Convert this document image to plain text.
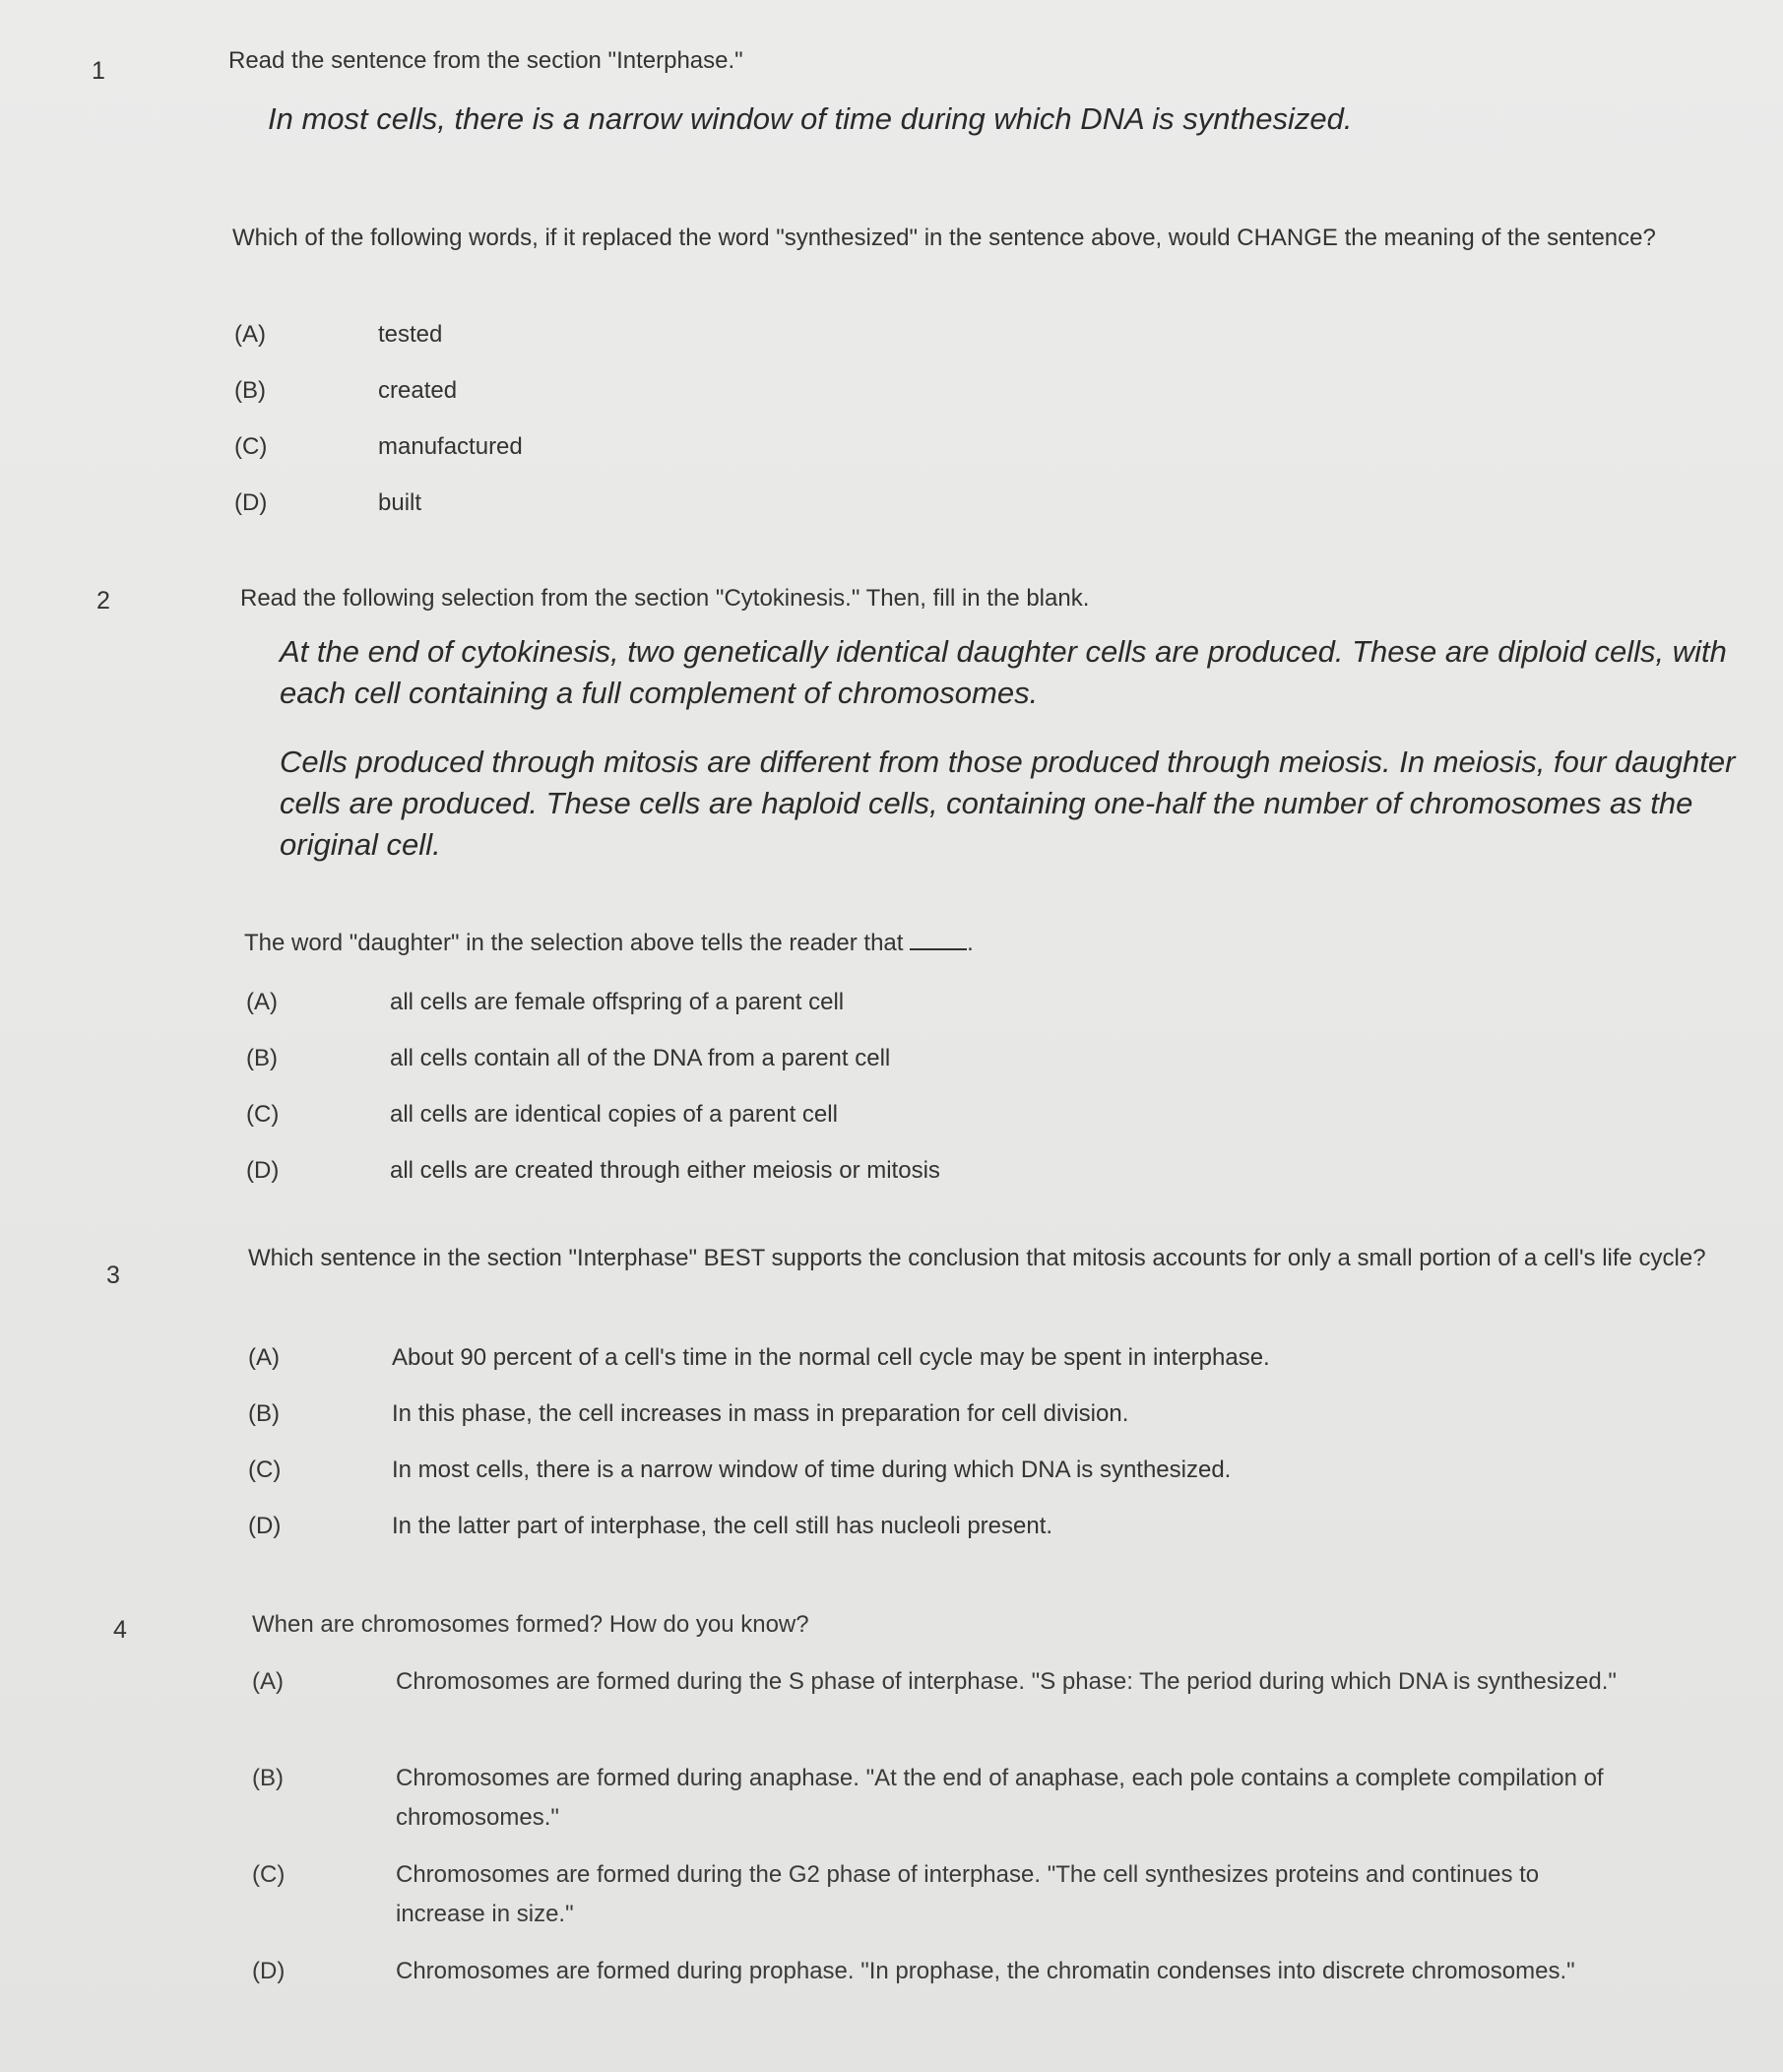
1	Read the sentence from the section "Interphase."

In most cells, there is a narrow window of time during which DNA is synthesized.

Which of the following words, if it replaced the word "synthesized" in the sentence above, would CHANGE the meaning of the sentence?

(A)	tested
(B)	created
(C)	manufactured
(D)	built
2	Read the following selection from the section "Cytokinesis." Then, fill in the blank.

At the end of cytokinesis, two genetically identical daughter cells are produced. These are diploid cells, with each cell containing a full complement of chromosomes.

Cells produced through mitosis are different from those produced through meiosis. In meiosis, four daughter cells are produced. These cells are haploid cells, containing one-half the number of chromosomes as the original cell.

The word "daughter" in the selection above tells the reader that	.

(A)	all cells are female offspring of a parent cell
(B)	all cells contain all of the DNA from a parent cell
(C)	all cells are identical copies of a parent cell
(D)	all cells are created through either meiosis or mitosis
3

Which sentence in the section "Interphase" BEST supports the conclusion that mitosis accounts for only a small portion of a cell's life cycle?

(A)	About 90 percent of a cell's time in the normal cell cycle may be spent in interphase.
(B)	In this phase, the cell increases in mass in preparation for cell division.
(C)	In most cells, there is a narrow window of time during which DNA is synthesized.
(D)	In the latter part of interphase, the cell still has nucleoli present.
4	When are chromosomes formed? How do you know?

(A)	Chromosomes are formed during the S phase of interphase. "S phase: The period during which DNA is synthesized."
(B)	Chromosomes are formed during anaphase. "At the end of anaphase, each pole contains a complete compilation of chromosomes."
(C)	Chromosomes are formed during the G2 phase of interphase. "The cell synthesizes proteins and continues to increase in size."
(D)	Chromosomes are formed during prophase. "In prophase, the chromatin condenses into discrete chromosomes."
